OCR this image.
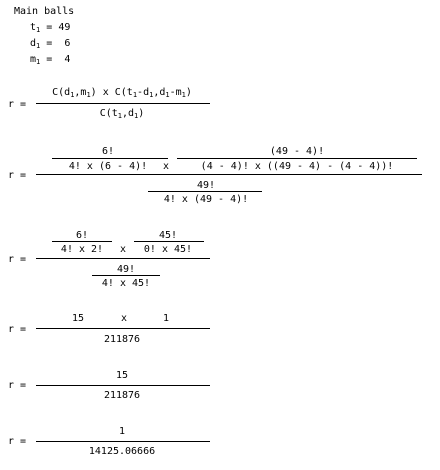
Main balls
$t_1 = 49$
$d_1 = 6$
$m_1 = 4$
r =
$C(d_1,m_1)$ x $C(t_1-d_1,d_1-m_1)$
$C(t_1,d_1)$
r =
6!
4! x (6 - 4)! x
(49 - 4)!
(4 - 4)! x ((49 - 4) - (4 - 4))!
49!
4! x (49 - 4)!
r =
6!
4! x 2! x
45!
0! x 45!
49!
4! x 45!
r =
15	x	1
211876
r =
15
211876
r =
1
14125.06666
